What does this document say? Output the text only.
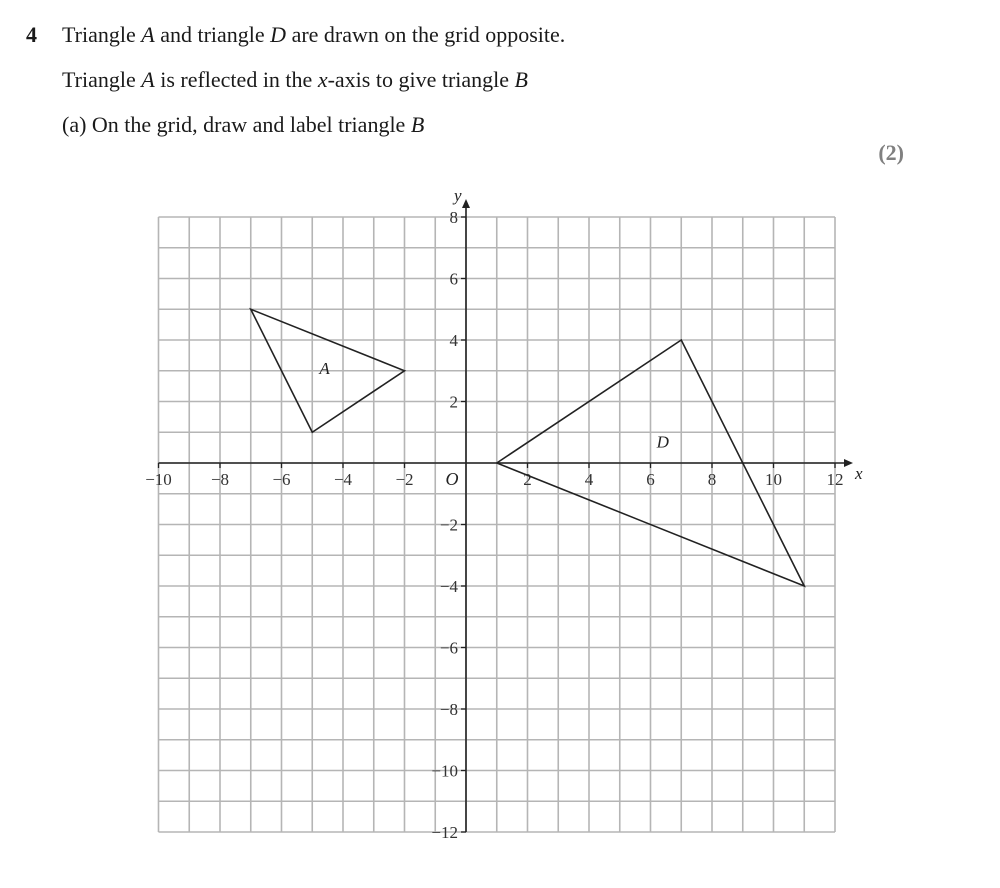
4 Triangle A and triangle D are drawn on the grid opposite.
Triangle A is reflected in the x-axis to give triangle B
(a) On the grid, draw and label triangle B
(2)
−10 −8	−6	−4	−2	2	4	6	8	10	12
8
6
4
2
−2
−4
−6
−8
−10
−12
x
y
O
A
D
